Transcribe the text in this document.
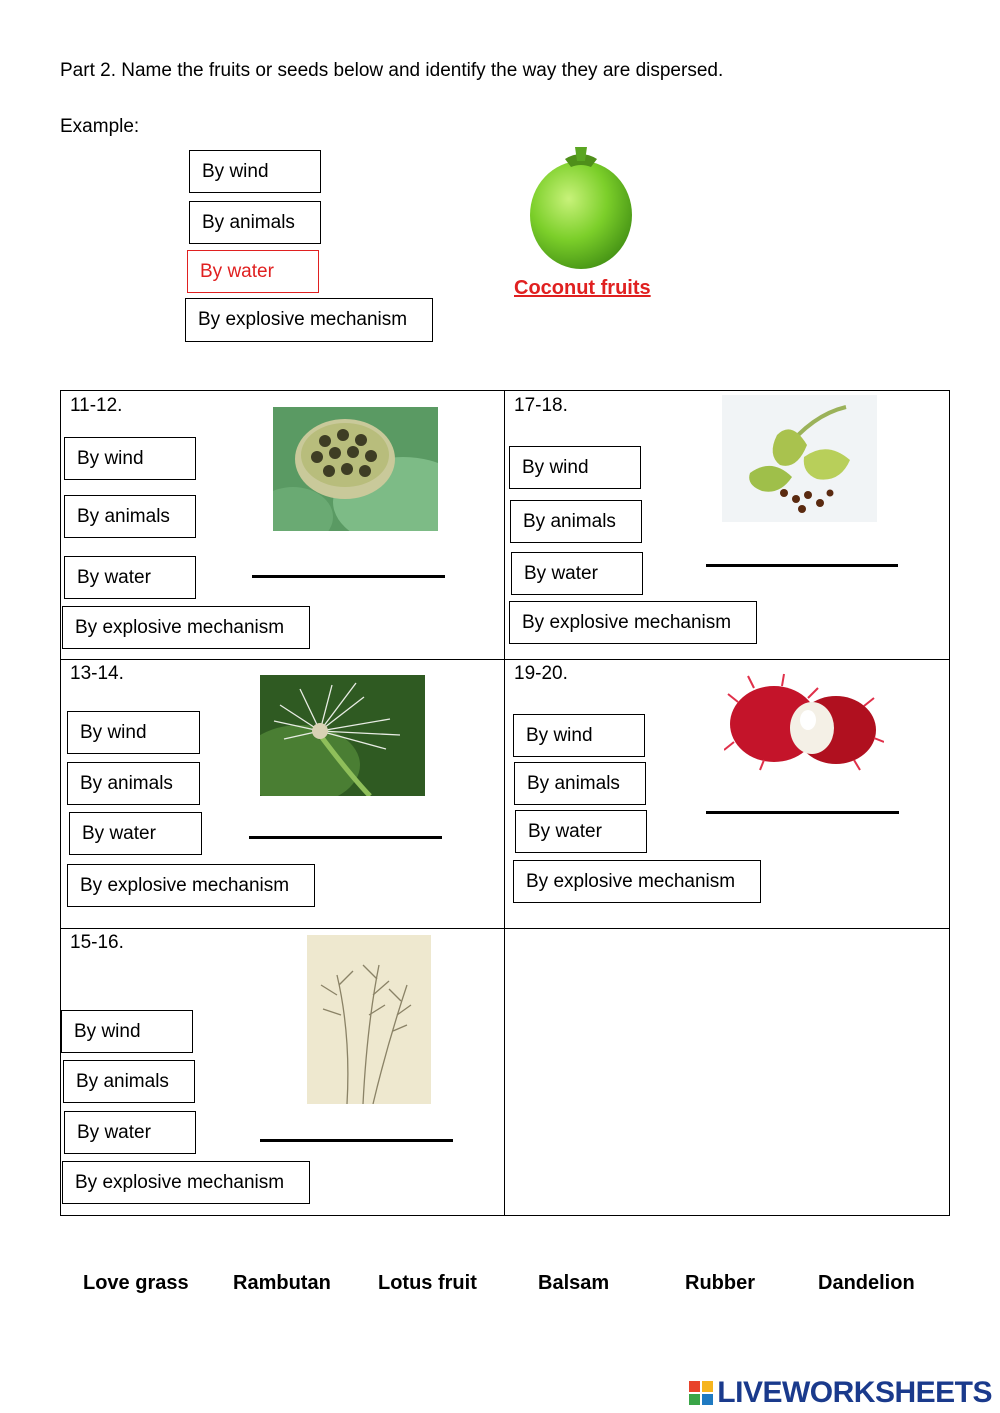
Part 2. Name the fruits or seeds below and identify the way they are dispersed.
Example:
By wind
By animals
By water
By explosive mechanism
Coconut fruits
11-12.
By wind
By animals
By water
By explosive mechanism
17-18.
By wind
By animals
By water
By explosive mechanism
13-14.
By wind
By animals
By water
By explosive mechanism
19-20.
By wind
By animals
By water
By explosive mechanism
15-16.
By wind
By animals
By water
By explosive mechanism
Love grass Rambutan Lotus fruit	Balsam	Rubber	Dandelion
LIVEWORKSHEETS
